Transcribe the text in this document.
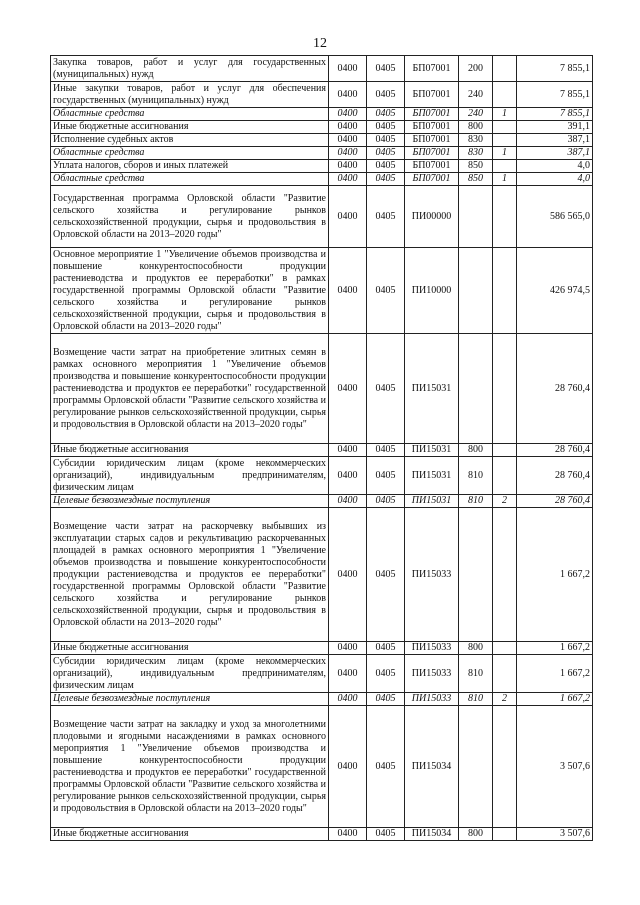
12
Закупка товаров, работ и услуг для государственных (муниципальных) нужд	0400	0405	БП07001	200		7 855,1
Иные закупки товаров, работ и услуг для обеспечения государственных (муниципальных) нужд	0400	0405	БП07001	240		7 855,1
Областные средства	0400	0405	БП07001	240	1	7 855,1
Иные бюджетные ассигнования	0400	0405	БП07001	800		391,1
Исполнение судебных актов	0400	0405	БП07001	830		387,1
Областные средства	0400	0405	БП07001	830	1	387,1
Уплата налогов, сборов и иных платежей	0400	0405	БП07001	850		4,0
Областные средства	0400	0405	БП07001	850	1	4,0
Государственная программа Орловской области "Развитие сельского хозяйства и регулирование рынков сельскохозяйственной продукции, сырья и продовольствия в Орловской области на 2013–2020 годы"	0400	0405	ПИ00000			586 565,0
Основное мероприятие 1 "Увеличение объемов производства и повышение конкурентоспособности продукции растениеводства и продуктов ее переработки" в рамках государственной программы Орловской области "Развитие сельского хозяйства и регулирование рынков сельскохозяйственной продукции, сырья и продовольствия в Орловской области на 2013–2020 годы"	0400	0405	ПИ10000			426 974,5
Возмещение части затрат на приобретение элитных семян в рамках основного мероприятия 1 "Увеличение объемов производства и повышение конкурентоспособности продукции растениеводства и продуктов ее переработки" государственной программы Орловской области "Развитие сельского хозяйства и регулирование рынков сельскохозяйственной продукции, сырья и продовольствия в Орловской области на 2013–2020 годы"	0400	0405	ПИ15031			28 760,4
Иные бюджетные ассигнования	0400	0405	ПИ15031	800		28 760,4
Субсидии юридическим лицам (кроме некоммерческих организаций), индивидуальным предпринимателям, физическим лицам	0400	0405	ПИ15031	810		28 760,4
Целевые безвозмездные поступления	0400	0405	ПИ15031	810	2	28 760,4
Возмещение части затрат на раскорчевку выбывших из эксплуатации старых садов и рекультивацию раскорчеванных площадей в рамках основного мероприятия 1 "Увеличение объемов производства и повышение конкурентоспособности продукции растениеводства и продуктов ее переработки" государственной программы Орловской области "Развитие сельского хозяйства и регулирование рынков сельскохозяйственной продукции, сырья и продовольствия в Орловской области на 2013–2020 годы"	0400	0405	ПИ15033			1 667,2
Иные бюджетные ассигнования	0400	0405	ПИ15033	800		1 667,2
Субсидии юридическим лицам (кроме некоммерческих организаций), индивидуальным предпринимателям, физическим лицам	0400	0405	ПИ15033	810		1 667,2
Целевые безвозмездные поступления	0400	0405	ПИ15033	810	2	1 667,2
Возмещение части затрат на закладку и уход за многолетними плодовыми и ягодными насаждениями в рамках основного мероприятия 1 "Увеличение объемов производства и повышение конкурентоспособности продукции растениеводства и продуктов ее переработки" государственной программы Орловской области "Развитие сельского хозяйства и регулирование рынков сельскохозяйственной продукции, сырья и продовольствия в Орловской области на 2013–2020 годы"	0400	0405	ПИ15034			3 507,6
Иные бюджетные ассигнования	0400	0405	ПИ15034	800		3 507,6
